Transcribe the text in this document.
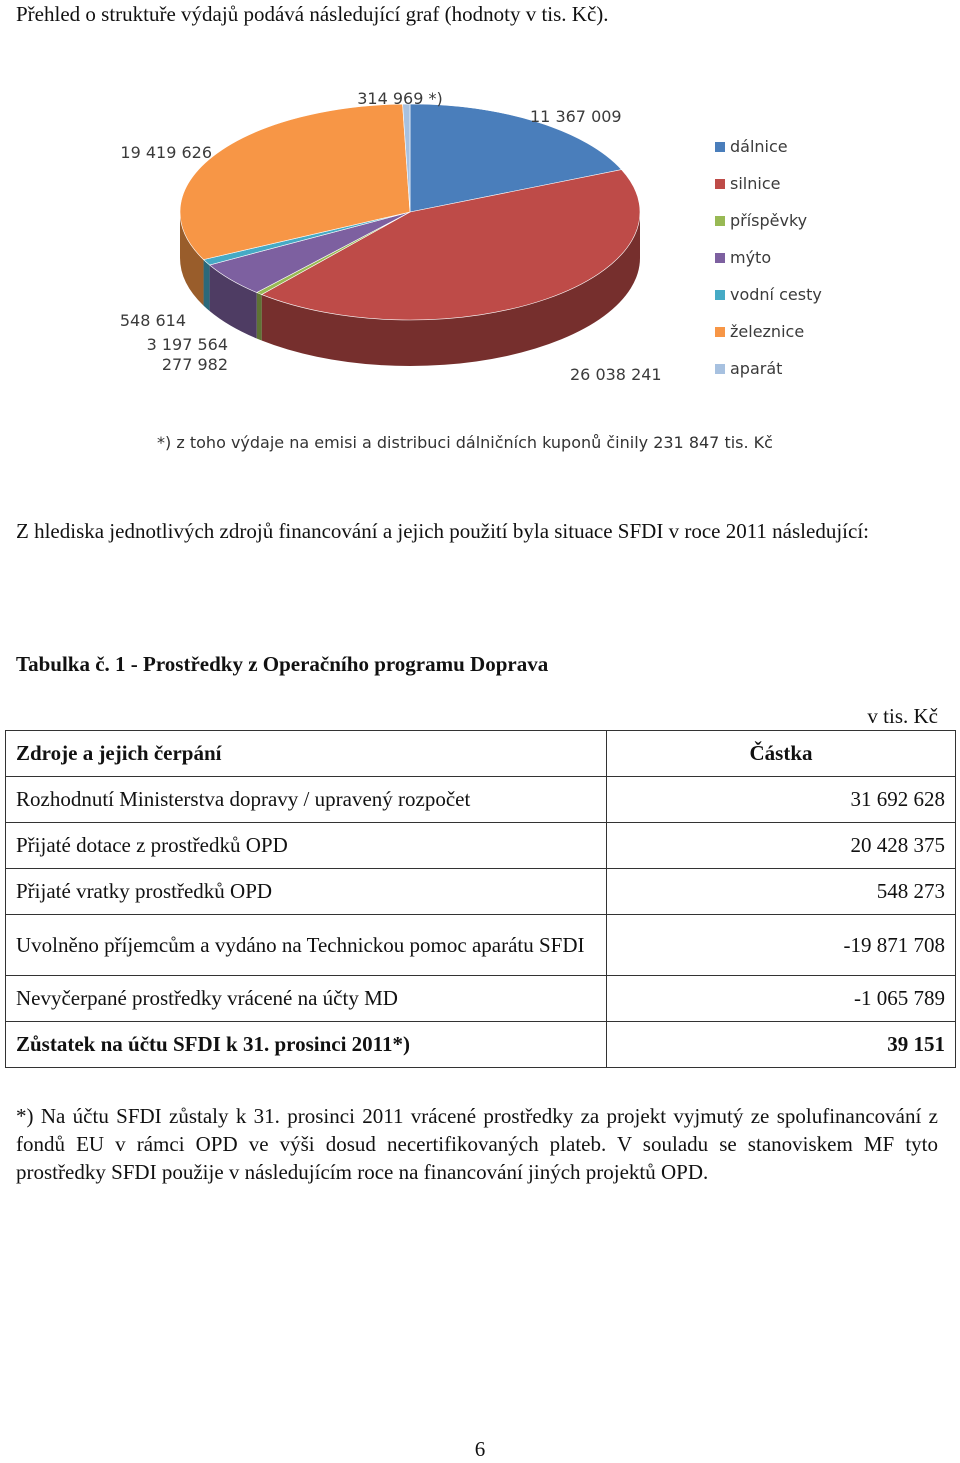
Přehled o struktuře výdajů podává následující graf (hodnoty v tis. Kč).

11 367 009
26 038 241
277 982
3 197 564
548 614
19 419 626
314 969 *)
dálnice
silnice
příspěvky
mýto
vodní cesty
železnice
aparát
*) z toho výdaje na emisi a distribuci dálničních kuponů činily 231 847 tis. Kč

Z hlediska jednotlivých zdrojů financování a jejich použití byla situace SFDI v roce 2011 následující:

Tabulka č. 1 - Prostředky z Operačního programu Doprava

v tis. Kč
Zdroje a jejich čerpání	Částka
Rozhodnutí Ministerstva dopravy / upravený rozpočet	31 692 628
Přijaté dotace z prostředků OPD	20 428 375
Přijaté vratky prostředků OPD	548 273
Uvolněno příjemcům a vydáno na Technickou pomoc aparátu SFDI	-19 871 708
Nevyčerpané prostředky vrácené na účty MD	-1 065 789
Zůstatek na účtu SFDI k 31. prosinci 2011*)	39 151

*) Na účtu SFDI zůstaly k 31. prosinci 2011 vrácené prostředky za projekt vyjmutý ze spolufinancování z fondů EU v rámci OPD ve výši dosud necertifikovaných plateb. V souladu se stanoviskem MF tyto prostředky SFDI použije v následujícím roce na financování jiných projektů OPD.

6
